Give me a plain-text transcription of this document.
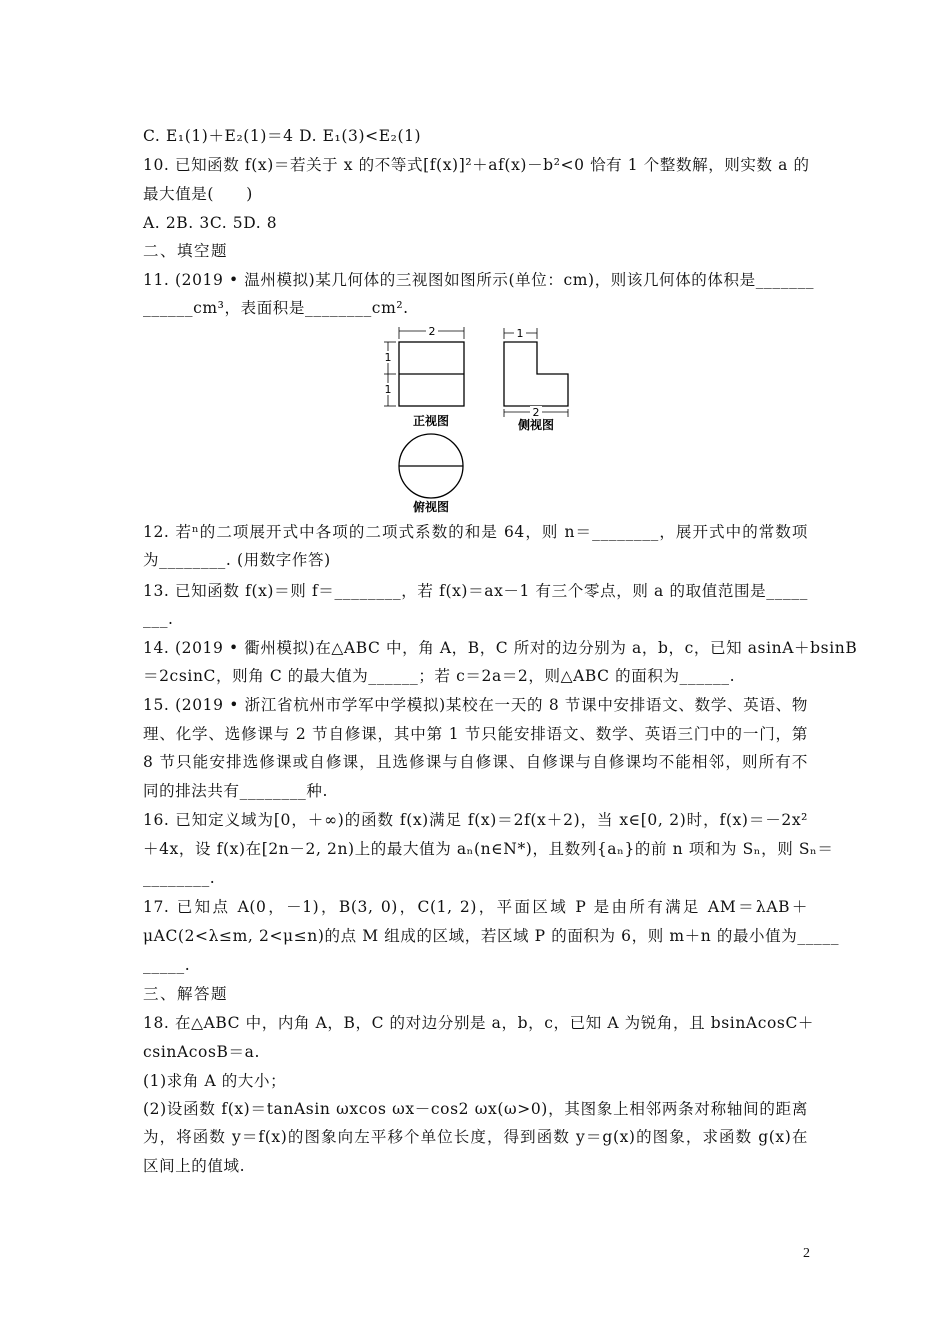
C. E₁(1)＋E₂(1)＝4 D. E₁(3)<E₂(1)
10. 已知函数 f(x)＝若关于 x 的不等式[f(x)]²＋af(x)－b²<0 恰有 1 个整数解，则实数 a 的
最大值是(　　)
A. 2B. 3C. 5D. 8
二、填空题
11. (2019 • 温州模拟)某几何体的三视图如图所示(单位：cm)，则该几何体的体积是_______
______cm³，表面积是________cm².
2
1
1
1
2
正视图	侧视图
俯视图
12. 若ⁿ的二项展开式中各项的二项式系数的和是 64，则 n＝________，展开式中的常数项
为________. (用数字作答)
13. 已知函数 f(x)＝则 f＝________，若 f(x)＝ax－1 有三个零点，则 a 的取值范围是_____
___.
14. (2019 • 衢州模拟)在△ABC 中，角 A，B，C 所对的边分别为 a，b，c，已知 asinA＋bsinB
＝2csinC，则角 C 的最大值为______；若 c＝2a＝2，则△ABC 的面积为______.
15. (2019 • 浙江省杭州市学军中学模拟)某校在一天的 8 节课中安排语文、数学、英语、物
理、化学、选修课与 2 节自修课，其中第 1 节只能安排语文、数学、英语三门中的一门，第
8 节只能安排选修课或自修课，且选修课与自修课、自修课与自修课均不能相邻，则所有不
同的排法共有________种.
16. 已知定义域为[0，＋∞)的函数 f(x)满足 f(x)＝2f(x＋2)，当 x∈[0, 2)时，f(x)＝－2x²
＋4x，设 f(x)在[2n－2, 2n)上的最大值为 aₙ(n∈N*)，且数列{aₙ}的前 n 项和为 Sₙ，则 Sₙ＝
________.
17. 已知点 A(0，－1)，B(3, 0)，C(1, 2)，平面区域 P 是由所有满足 AM＝λAB＋
μAC(2<λ≤m, 2<μ≤n)的点 M 组成的区域，若区域 P 的面积为 6，则 m＋n 的最小值为_____
_____.
三、解答题
18. 在△ABC 中，内角 A，B，C 的对边分别是 a，b，c，已知 A 为锐角，且 bsinAcosC＋
csinAcosB＝a.
(1)求角 A 的大小；
(2)设函数 f(x)＝tanAsin ωxcos ωx－cos2 ωx(ω>0)，其图象上相邻两条对称轴间的距离
为，将函数 y＝f(x)的图象向左平移个单位长度，得到函数 y＝g(x)的图象，求函数 g(x)在
区间上的值域.
2
